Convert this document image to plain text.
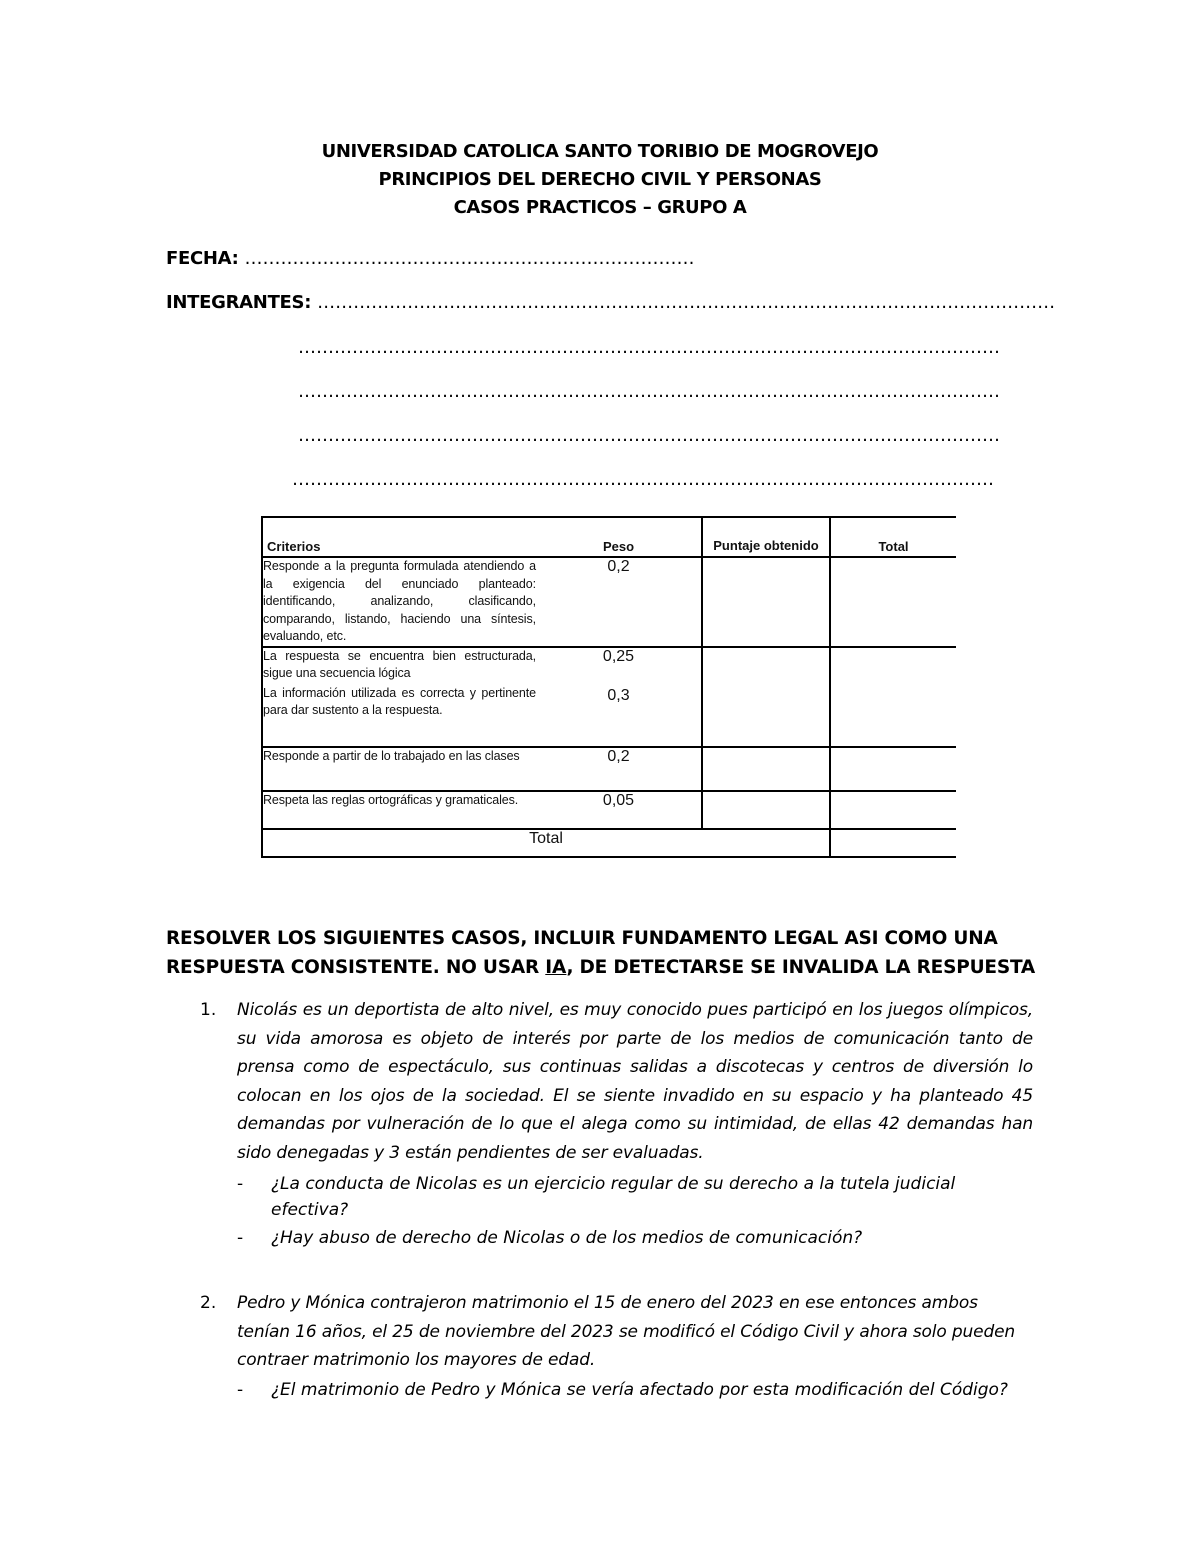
UNIVERSIDAD CATOLICA SANTO TORIBIO DE MOGROVEJO
PRINCIPIOS DEL DERECHO CIVIL Y PERSONAS
CASOS PRACTICOS – GRUPO A
FECHA: …………………………………………………………………
INTEGRANTES: ……………………………………………………………………………………………………………
………………………………………………………………………………………………………
………………………………………………………………………………………………………
………………………………………………………………………………………………………
………………………………………………………………………………………………………
Criterios	Peso	Puntaje obtenido	Total
Responde a la pregunta formulada atendiendo a la exigencia del enunciado planteado: identificando, analizando, clasificando, comparando, listando, haciendo una síntesis, evaluando, etc.	0,2		
La respuesta se encuentra bien estructurada, sigue una secuencia lógica	0,25		
La información utilizada es correcta y pertinente para dar sustento a la respuesta.	0,3		
Responde a partir de lo trabajado en las clases	0,2		
Respeta las reglas ortográficas y gramaticales.	0,05		
Total			
RESOLVER LOS SIGUIENTES CASOS, INCLUIR FUNDAMENTO LEGAL ASI COMO UNA RESPUESTA CONSISTENTE. NO USAR IA, DE DETECTARSE SE INVALIDA LA RESPUESTA
1. Nicolás es un deportista de alto nivel, es muy conocido pues participó en los juegos olímpicos, su vida amorosa es objeto de interés por parte de los medios de comunicación tanto de prensa como de espectáculo, sus continuas salidas a discotecas y centros de diversión lo colocan en los ojos de la sociedad. El se siente invadido en su espacio y ha planteado 45 demandas por vulneración de lo que el alega como su intimidad, de ellas 42 demandas han sido denegadas y 3 están pendientes de ser evaluadas.
- ¿La conducta de Nicolas es un ejercicio regular de su derecho a la tutela judicial efectiva?
- ¿Hay abuso de derecho de Nicolas o de los medios de comunicación?
2. Pedro y Mónica contrajeron matrimonio el 15 de enero del 2023 en ese entonces ambos tenían 16 años, el 25 de noviembre del 2023 se modificó el Código Civil y ahora solo pueden contraer matrimonio los mayores de edad.
- ¿El matrimonio de Pedro y Mónica se vería afectado por esta modificación del Código?
